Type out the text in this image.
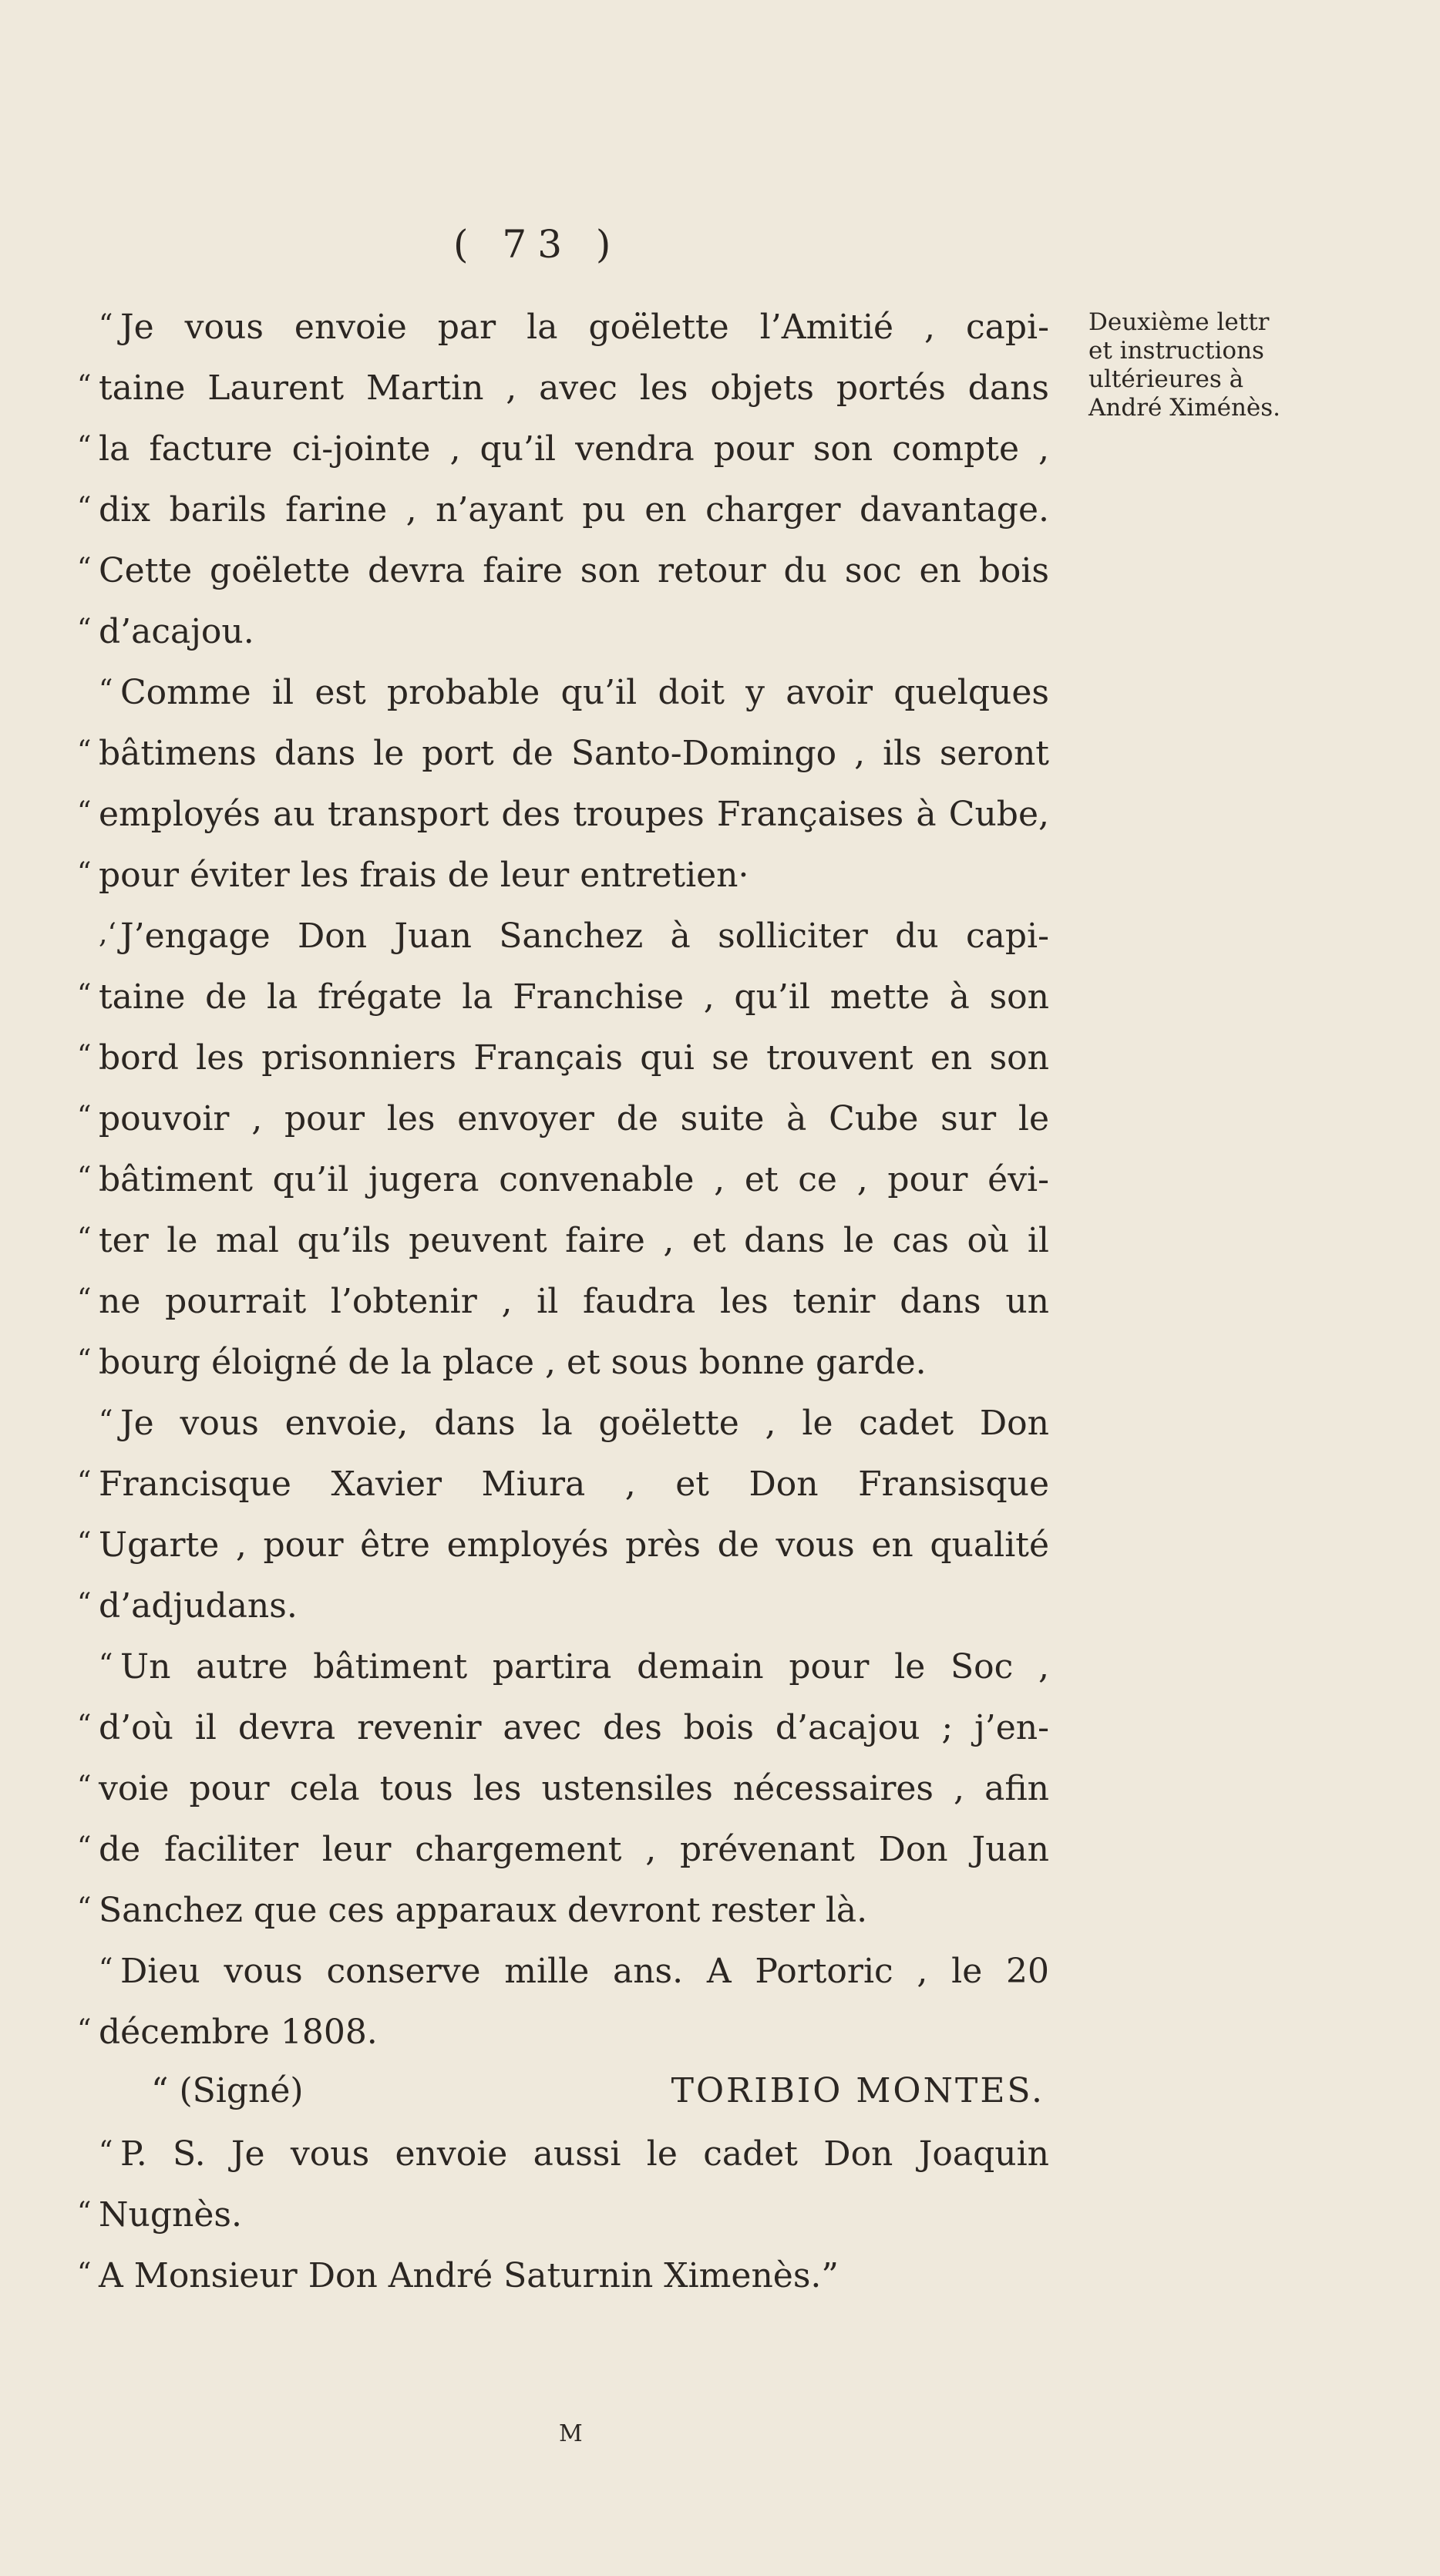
( 73 )
“ Je vous envoie par la goëlette l’Amitié , capi-
“ taine Laurent Martin , avec les objets portés dans
“ la facture ci-jointe , qu’il vendra pour son compte ,
“ dix barils farine , n’ayant pu en charger davantage.
“ Cette goëlette devra faire son retour du soc en bois
“ d’acajou.
“ Comme il est probable qu’il doit y avoir quelques
“ bâtimens dans le port de Santo-Domingo , ils seront
“ employés au transport des troupes Françaises à Cube,
“ pour éviter les frais de leur entretien·
,‘ J’engage Don Juan Sanchez à solliciter du capi-
“ taine de la frégate la Franchise , qu’il mette à son
“ bord les prisonniers Français qui se trouvent en son
“ pouvoir , pour les envoyer de suite à Cube sur le
“ bâtiment qu’il jugera convenable , et ce , pour évi-
“ ter le mal qu’ils peuvent faire , et dans le cas où il
“ ne pourrait l’obtenir , il faudra les tenir dans un
“ bourg éloigné de la place , et sous bonne garde.
“ Je vous envoie, dans la goëlette , le cadet Don
“ Francisque Xavier Miura , et Don Fransisque
“ Ugarte , pour être employés près de vous en qualité
“ d’adjudans.
“ Un autre bâtiment partira demain pour le Soc ,
“ d’où il devra revenir avec des bois d’acajou ; j’en-
“ voie pour cela tous les ustensiles nécessaires , afin
“ de faciliter leur chargement , prévenant Don Juan
“ Sanchez que ces apparaux devront rester là.
“ Dieu vous conserve mille ans. A Portoric , le 20
“ décembre 1808.
“ (Signé)	TORIBIO MONTES.
“ P. S. Je vous envoie aussi le cadet Don Joaquin
“ Nugnès.
“ A Monsieur Don André Saturnin Ximenès.”
Deuxième lettr
et instructions
ultérieures à
André Ximénès.
M
